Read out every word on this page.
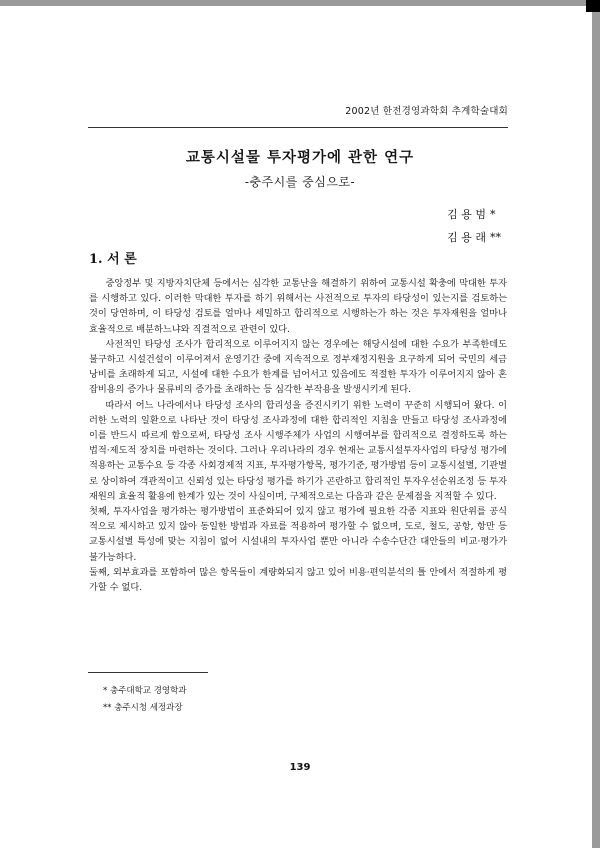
2002년 한전경영과학회 추계학술대회
교통시설물 투자평가에 관한 연구
-충주시를 중심으로-
김 용 범 *
김 용 래 **
1. 서 론

중앙정부 및 지방자치단체 등에서는 심각한 교통난을 해결하기 위하여 교통시설 확충에 막대한 투자를 시행하고 있다. 이러한 막대한 투자를 하기 위해서는 사전적으로 투자의 타당성이 있는지를 검토하는 것이 당연하며, 이 타당성 검토를 얼마나 세밀하고 합리적으로 시행하는가 하는 것은 투자재원을 얼마나 효율적으로 배분하느냐와 직결적으로 관련이 있다.

사전적인 타당성 조사가 합리적으로 이루어지지 않는 경우에는 해당시설에 대한 수요가 부족한데도 불구하고 시설건설이 이루어져서 운영기간 중에 지속적으로 정부재정지원을 요구하게 되어 국민의 세금낭비를 초래하게 되고, 시설에 대한 수요가 한계를 넘어서고 있음에도 적절한 투자가 이루어지지 않아 혼잡비용의 증가나 물류비의 증가를 초래하는 등 심각한 부작용을 발생시키게 된다.

따라서 어느 나라에서나 타당성 조사의 합리성을 증진시키기 위한 노력이 꾸준히 시행되어 왔다. 이러한 노력의 일환으로 나타난 것이 타당성 조사과정에 대한 합리적인 지침을 만들고 타당성 조사과정에 이를 반드시 따르게 함으로써, 타당성 조사 시행주체가 사업의 시행여부를 합리적으로 결정하도록 하는 법적·제도적 장치를 마련하는 것이다. 그러나 우리나라의 경우 현재는 교통시설투자사업의 타당성 평가에 적용하는 교통수요 등 각종 사회경제적 지표, 투자평가항목, 평가기준, 평가방법 등이 교통시설별, 기관별로 상이하여 객관적이고 신뢰성 있는 타당성 평가를 하기가 곤란하고 합리적인 투자우선순위조정 등 투자재원의 효율적 활용에 한계가 있는 것이 사실이며, 구체적으로는 다음과 같은 문제점을 지적할 수 있다.

첫째, 투자사업을 평가하는 평가방법이 표준화되어 있지 않고 평가에 필요한 각종 지표와 원단위를 공식적으로 제시하고 있지 않아 동일한 방법과 자료를 적용하여 평가할 수 없으며, 도로, 철도, 공항, 항만 등 교통시설별 특성에 맞는 지침이 없어 시설내의 투자사업 뿐만 아니라 수송수단간 대안들의 비교·평가가 불가능하다.

둘째, 외부효과를 포함하여 많은 항목들이 계량화되지 않고 있어 비용·편익분석의 틀 안에서 적절하게 평가할 수 없다.

* 충주대학교 경영학과
** 충주시청 세정과장
139
